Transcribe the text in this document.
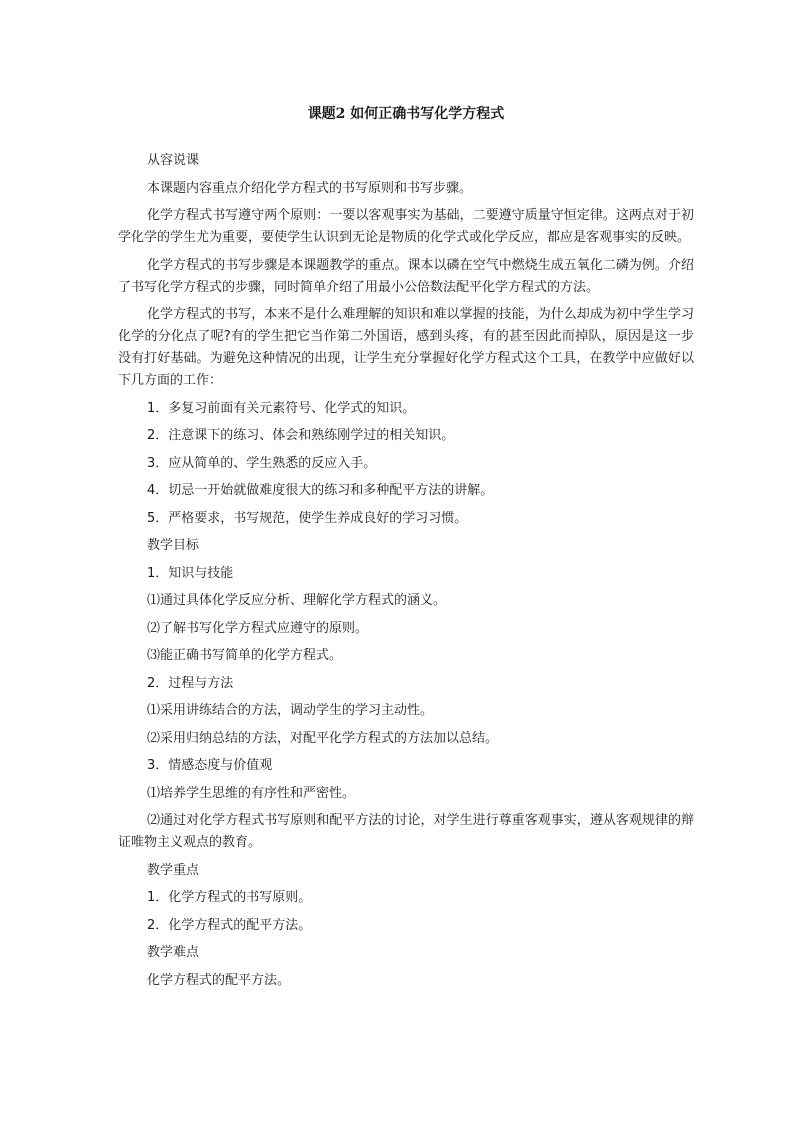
课题2 如何正确书写化学方程式

从容说课

本课题内容重点介绍化学方程式的书写原则和书写步骤。

化学方程式书写遵守两个原则：一要以客观事实为基础，二要遵守质量守恒定律。这两点对于初学化学的学生尤为重要，要使学生认识到无论是物质的化学式或化学反应，都应是客观事实的反映。

化学方程式的书写步骤是本课题教学的重点。课本以磷在空气中燃烧生成五氧化二磷为例。介绍了书写化学方程式的步骤，同时简单介绍了用最小公倍数法配平化学方程式的方法。

化学方程式的书写，本来不是什么难理解的知识和难以掌握的技能，为什么却成为初中学生学习化学的分化点了呢?有的学生把它当作第二外国语，感到头疼，有的甚至因此而掉队，原因是这一步没有打好基础。为避免这种情况的出现，让学生充分掌握好化学方程式这个工具，在教学中应做好以下几方面的工作：

1．多复习前面有关元素符号、化学式的知识。

2．注意课下的练习、体会和熟练刚学过的相关知识。

3．应从简单的、学生熟悉的反应入手。

4．切忌一开始就做难度很大的练习和多种配平方法的讲解。

5．严格要求，书写规范，使学生养成良好的学习习惯。

教学目标

1．知识与技能

⑴通过具体化学反应分析、理解化学方程式的涵义。

⑵了解书写化学方程式应遵守的原则。

⑶能正确书写简单的化学方程式。

2．过程与方法

⑴采用讲练结合的方法，调动学生的学习主动性。

⑵采用归纳总结的方法，对配平化学方程式的方法加以总结。

3．情感态度与价值观

⑴培养学生思维的有序性和严密性。

⑵通过对化学方程式书写原则和配平方法的讨论，对学生进行尊重客观事实，遵从客观规律的辩证唯物主义观点的教育。

教学重点

1．化学方程式的书写原则。

2．化学方程式的配平方法。

教学难点

化学方程式的配平方法。
